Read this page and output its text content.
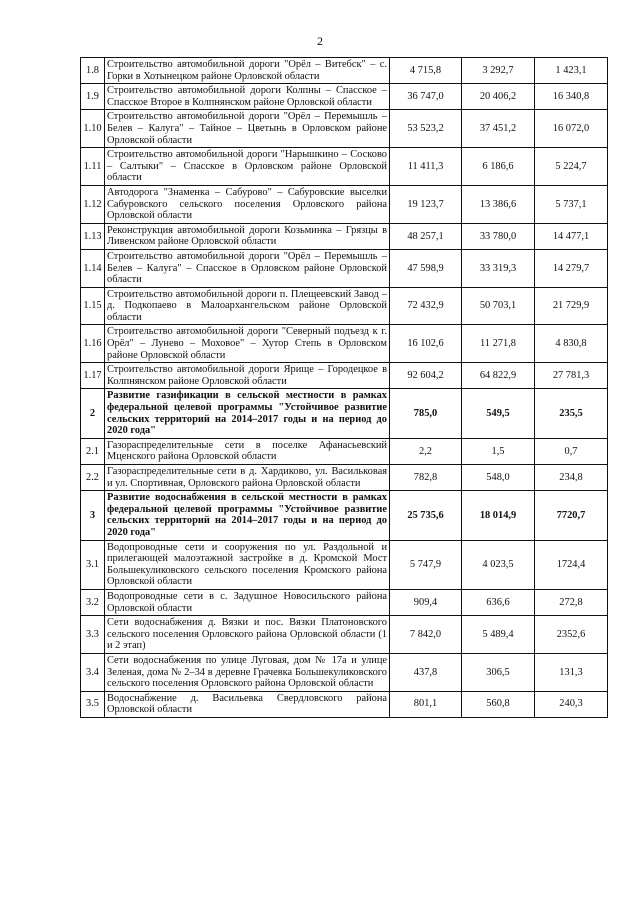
2
1.8	Строительство автомобильной дороги "Орёл – Витебск" – с. Горки в Хотынецком районе Орловской области	4 715,8	3 292,7	1 423,1
1.9	Строительство автомобильной дороги Колпны – Спасское – Спасское Второе в Колпнянском районе Орловской области	36 747,0	20 406,2	16 340,8
1.10	Строительство автомобильной дороги "Орёл – Перемышль – Белев – Калуга" – Тайное – Цветынь в Орловском районе Орловской области	53 523,2	37 451,2	16 072,0
1.11	Строительство автомобильной дороги "Нарышкино – Сосково – Салтыки" – Спасское в Орловском районе Орловской области	11 411,3	6 186,6	5 224,7
1.12	Автодорога "Знаменка – Сабурово" – Сабуровские выселки Сабуровского сельского поселения Орловского района Орловской области	19 123,7	13 386,6	5 737,1
1.13	Реконструкция автомобильной дороги Козьминка – Грязцы в Ливенском районе Орловской области	48 257,1	33 780,0	14 477,1
1.14	Строительство автомобильной дороги "Орёл – Перемышль – Белев – Калуга" – Спасское в Орловском районе Орловской области	47 598,9	33 319,3	14 279,7
1.15	Строительство автомобильной дороги п. Плещеевский Завод – д. Подкопаево в Малоархангельском районе Орловской области	72 432,9	50 703,1	21 729,9
1.16	Строительство автомобильной дороги "Северный подъезд к г. Орёл" – Лунево – Моховое" – Хутор Степь в Орловском районе Орловской области	16 102,6	11 271,8	4 830,8
1.17	Строительство автомобильной дороги Ярище – Городецкое в Колпнянском районе Орловской области	92 604,2	64 822,9	27 781,3
2	Развитие газификации в сельской местности в рамках федеральной целевой программы "Устойчивое развитие сельских территорий на 2014–2017 годы и на период до 2020 года"	785,0	549,5	235,5
2.1	Газораспределительные сети в поселке Афанасьевский Мценского района Орловской области	2,2	1,5	0,7
2.2	Газораспределительные сети в д. Хардиково, ул. Васильковая и ул. Спортивная, Орловского района Орловской области	782,8	548,0	234,8
3	Развитие водоснабжения в сельской местности в рамках федеральной целевой программы "Устойчивое развитие сельских территорий на 2014–2017 годы и на период до 2020 года"	25 735,6	18 014,9	7720,7
3.1	Водопроводные сети и сооружения по ул. Раздольной и прилегающей малоэтажной застройке в д. Кромской Мост Большекуликовского сельского поселения Кромского района Орловской области	5 747,9	4 023,5	1724,4
3.2	Водопроводные сети в с. Задушное Новосильского района Орловской области	909,4	636,6	272,8
3.3	Сети водоснабжения д. Вязки и пос. Вязки Платоновского сельского поселения Орловского района Орловской области (1 и 2 этап)	7 842,0	5 489,4	2352,6
3.4	Сети водоснабжения по улице Луговая, дом № 17а и улице Зеленая, дома № 2–34 в деревне Грачевка Большекуликовского сельского поселения Орловского района Орловской области	437,8	306,5	131,3
3.5	Водоснабжение д. Васильевка Свердловского района Орловской области	801,1	560,8	240,3
